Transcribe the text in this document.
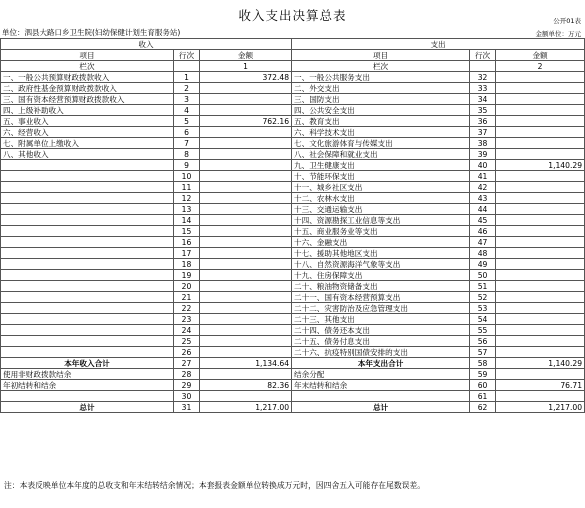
收入支出决算总表	公开01表
单位：泗县大路口乡卫生院(妇幼保健计划生育服务站)	金额单位：万元
收入			支出		
项目	行次	金额	项目	行次	金额
栏次		1	栏次		2
一、一般公共预算财政拨款收入	1	372.48	一、一般公共服务支出	32	
二、政府性基金预算财政拨款收入	2		二、外交支出	33	
三、国有资本经营预算财政拨款收入	3		三、国防支出	34	
四、上级补助收入	4		四、公共安全支出	35	
五、事业收入	5	762.16	五、教育支出	36	
六、经营收入	6		六、科学技术支出	37	
七、附属单位上缴收入	7		七、文化旅游体育与传媒支出	38	
八、其他收入	8		八、社会保障和就业支出	39	
	9		九、卫生健康支出	40	1,140.29
	10		十、节能环保支出	41	
	11		十一、城乡社区支出	42	
	12		十二、农林水支出	43	
	13		十三、交通运输支出	44	
	14		十四、资源勘探工业信息等支出	45	
	15		十五、商业服务业等支出	46	
	16		十六、金融支出	47	
	17		十七、援助其他地区支出	48	
	18		十八、自然资源海洋气象等支出	49	
	19		十九、住房保障支出	50	
	20		二十、粮油物资储备支出	51	
	21		二十一、国有资本经营预算支出	52	
	22		二十二、灾害防治及应急管理支出	53	
	23		二十三、其他支出	54	
	24		二十四、债务还本支出	55	
	25		二十五、债务付息支出	56	
	26		二十六、抗疫特别国债安排的支出	57	
本年收入合计	27	1,134.64	本年支出合计	58	1,140.29
使用非财政拨款结余	28		结余分配	59	
年初结转和结余	29	82.36	年末结转和结余	60	76.71
	30			61	
总计	31	1,217.00	总计	62	1,217.00
注：本表反映单位本年度的总收支和年末结转结余情况；本套报表金额单位转换成万元时，因四舍五入可能存在尾数误差。
